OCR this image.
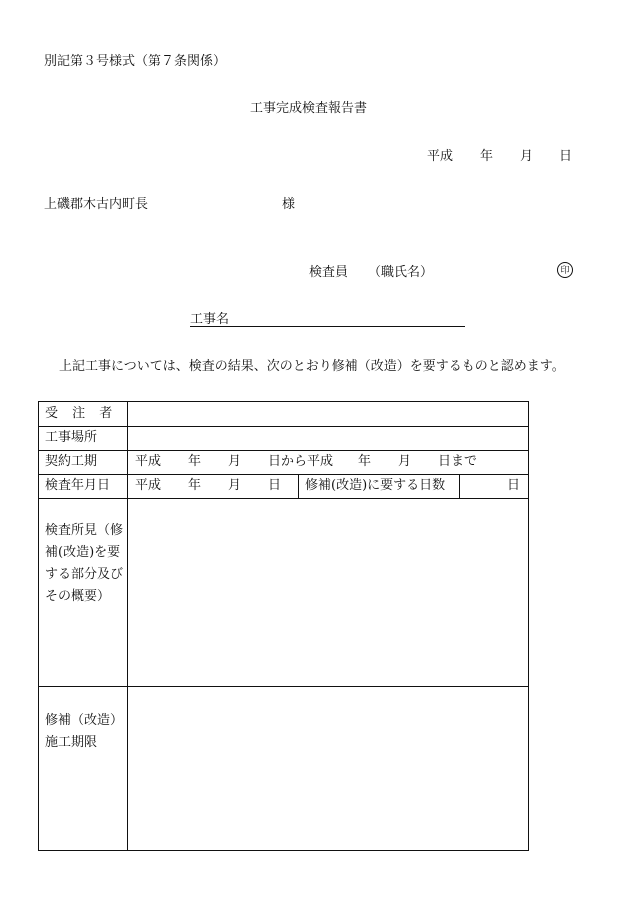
別記第３号様式（第７条関係）
工事完成検査報告書
平成 年 月 日
上磯郡木古内町長	様
検査員 （職氏名）	印
工事名
上記工事については、検査の結果、次のとおり修補（改造）を要するものと認めます。
受 注 者
工事場所
契約工期	平成 年 月 日から平成 年 月 日まで
検査年月日 平成 年 月 日 修補(改造)に要する日数	日
検査所見（修補(改造)を要する部分及びその概要）
修補（改造）施工期限
